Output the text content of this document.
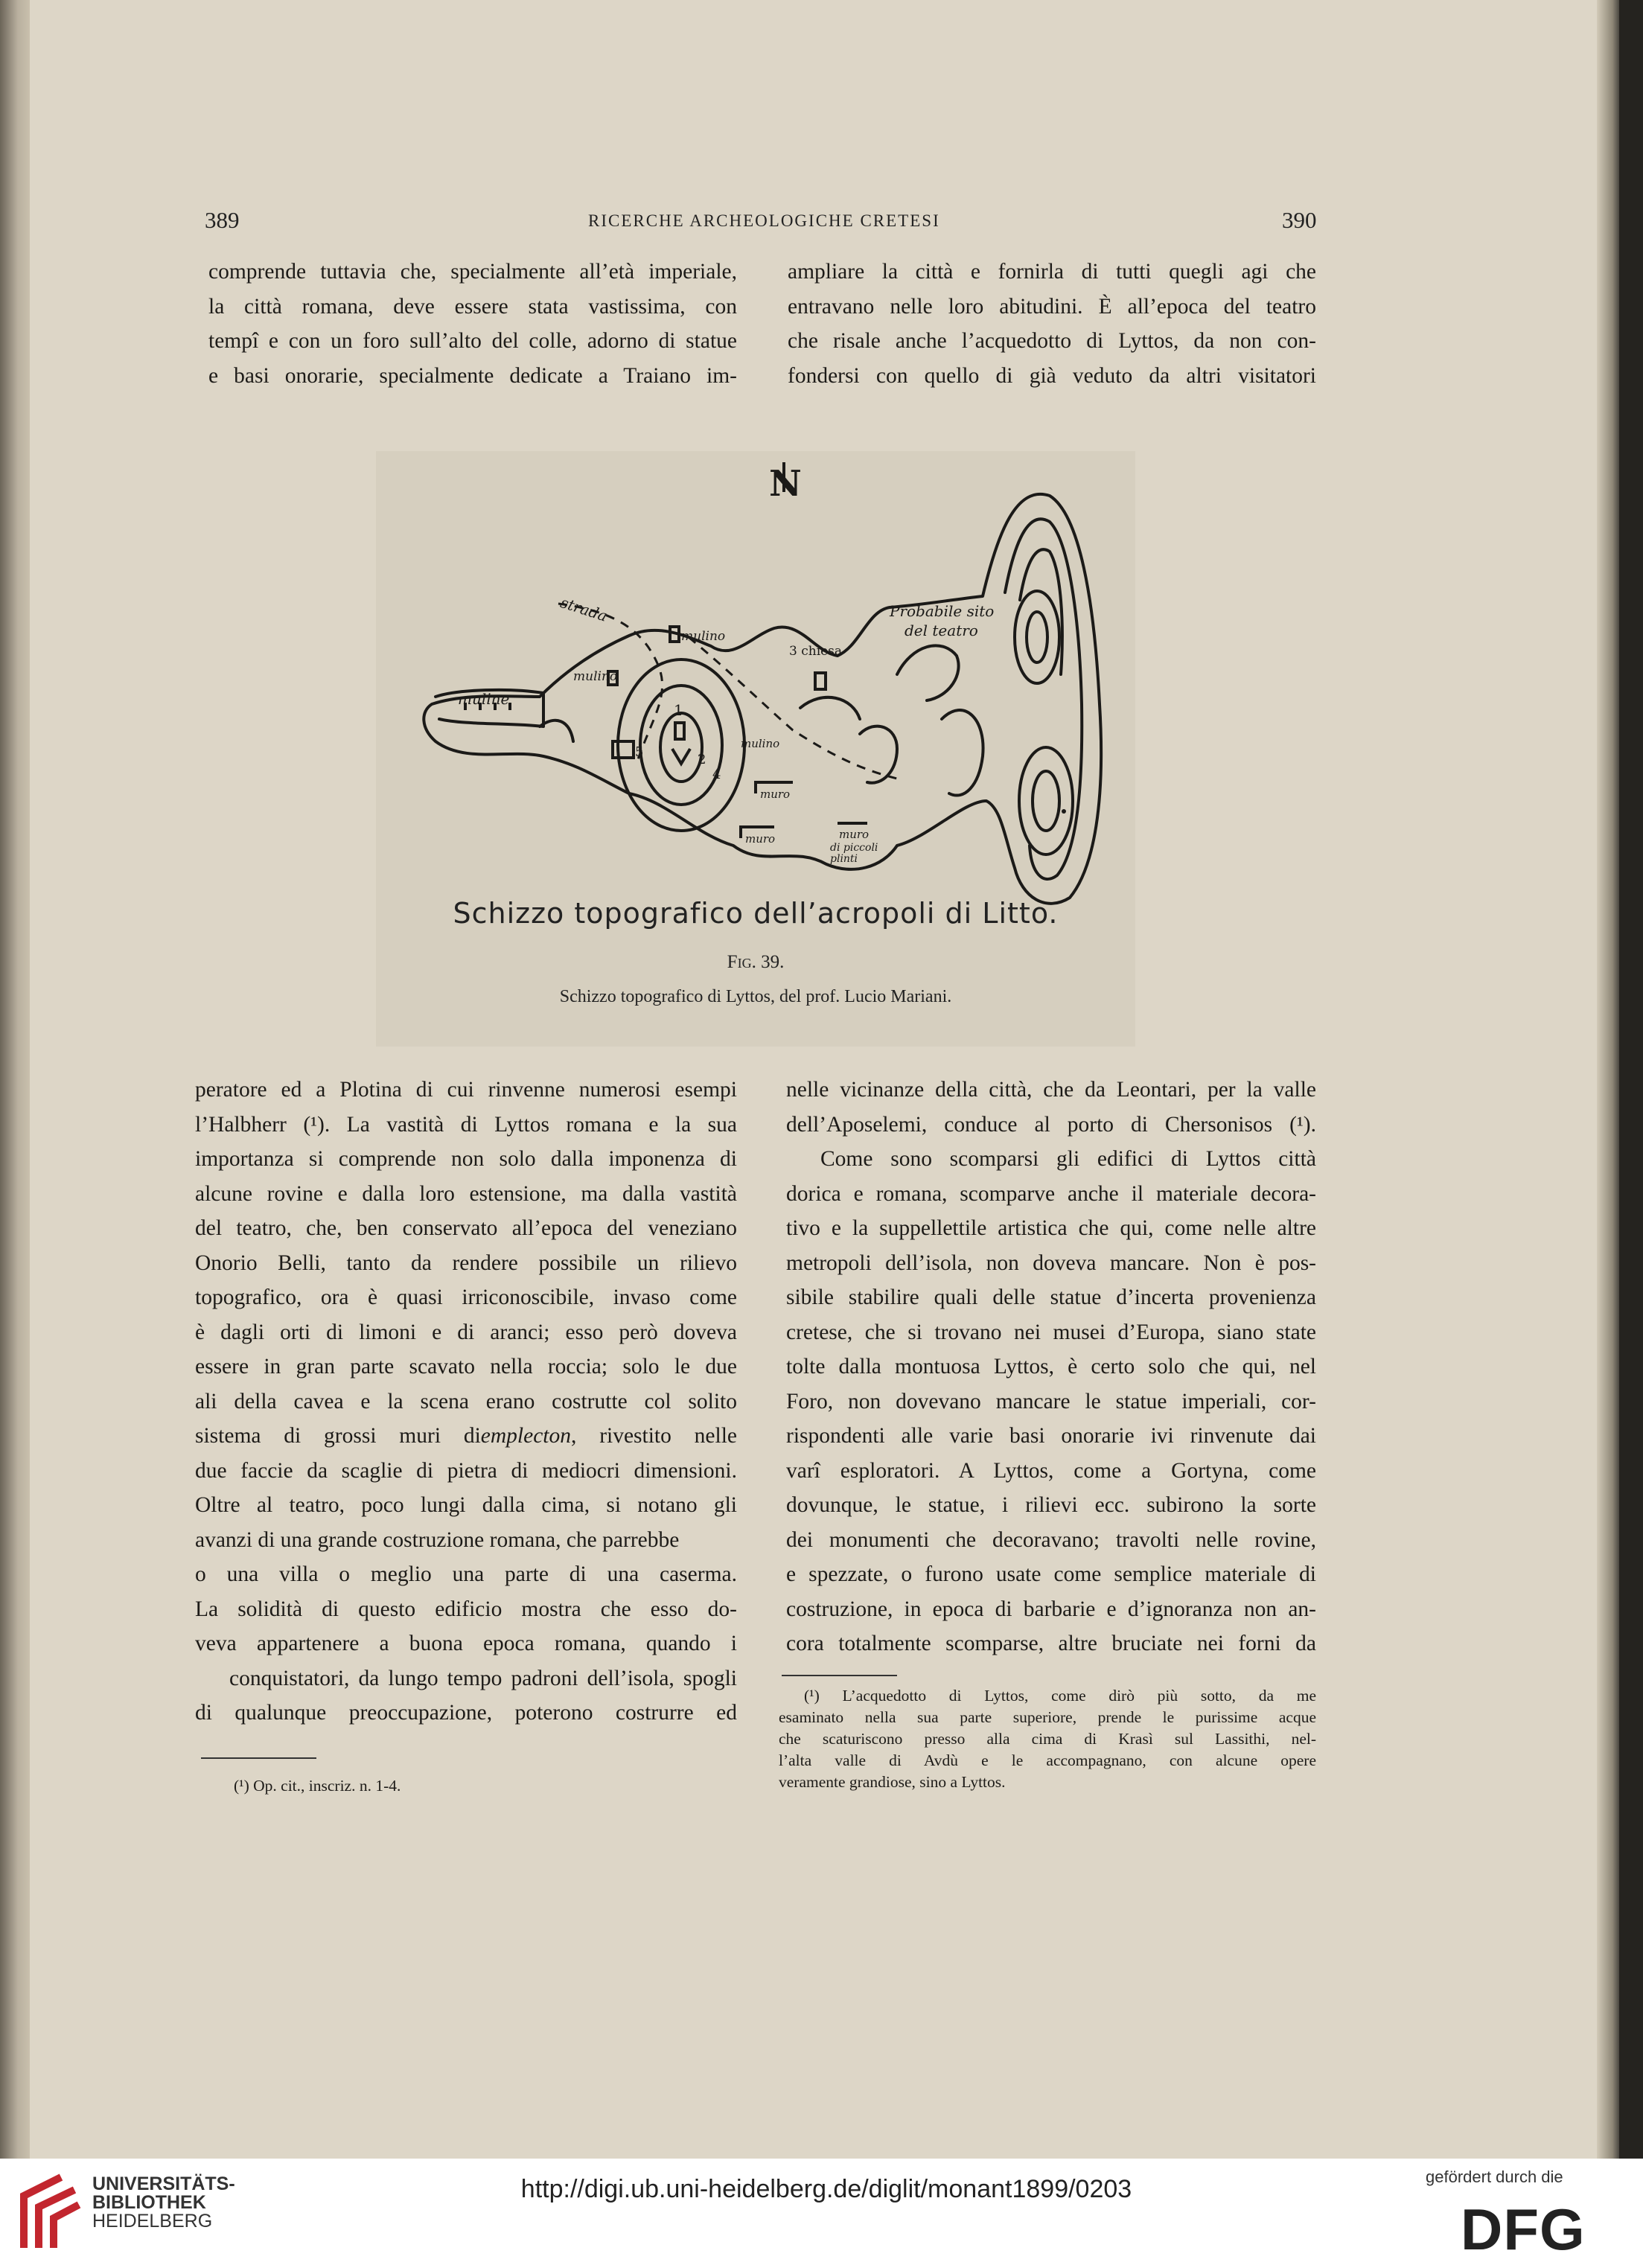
389	RICERCHE ARCHEOLOGICHE CRETESI	390

comprende tuttavia che, specialmente all’età imperiale,

la città romana, deve essere stata vastissima, con

tempî e con un foro sull’alto del colle, adorno di statue

e basi onorarie, specialmente dedicate a Traiano im-

ampliare la città e fornirla di tutti quegli agi che

entravano nelle loro abitudini. È all’epoca del teatro

che risale anche l’acquedotto di Lyttos, da non con-

fondersi con quello di già veduto da altri visitatori

N
strada
mulino
mulino
muline
3 chiesa
Probabile sito
del teatro
1
2
4
5
mulino
muro
muro	muro
di piccoli
plinti
Schizzo topografico dell’acropoli di Litto.
Fig. 39.
Schizzo topografico di Lyttos, del prof. Lucio Mariani.

peratore ed a Plotina di cui rinvenne numerosi esempi

l’Halbherr (¹). La vastità di Lyttos romana e la sua

importanza si comprende non solo dalla imponenza di

alcune rovine e dalla loro estensione, ma dalla vastità

del teatro, che, ben conservato all’epoca del veneziano

Onorio Belli, tanto da rendere possibile un rilievo

topografico, ora è quasi irriconoscibile, invaso come

è dagli orti di limoni e di aranci; esso però doveva

essere in gran parte scavato nella roccia; solo le due

ali della cavea e la scena erano costrutte col solito

sistema di grossi muri diemplecton, rivestito nelle

due faccie da scaglie di pietra di mediocri dimensioni.

Oltre al teatro, poco lungi dalla cima, si notano gli

avanzi di una grande costruzione romana, che parrebbe

o una villa o meglio una parte di una caserma.

La solidità di questo edificio mostra che esso do-

veva appartenere a buona epoca romana, quando i

conquistatori, da lungo tempo padroni dell’isola, spogli

di qualunque preoccupazione, poterono costrurre ed

nelle vicinanze della città, che da Leontari, per la valle

dell’Aposelemi, conduce al porto di Chersonisos (¹).

Come sono scomparsi gli edifici di Lyttos città

dorica e romana, scomparve anche il materiale decora-

tivo e la suppellettile artistica che qui, come nelle altre

metropoli dell’isola, non doveva mancare. Non è pos-

sibile stabilire quali delle statue d’incerta provenienza

cretese, che si trovano nei musei d’Europa, siano state

tolte dalla montuosa Lyttos, è certo solo che qui, nel

Foro, non dovevano mancare le statue imperiali, cor-

rispondenti alle varie basi onorarie ivi rinvenute dai

varî esploratori. A Lyttos, come a Gortyna, come

dovunque, le statue, i rilievi ecc. subirono la sorte

dei monumenti che decoravano; travolti nelle rovine,

e spezzate, o furono usate come semplice materiale di

costruzione, in epoca di barbarie e d’ignoranza non an-

cora totalmente scomparse, altre bruciate nei forni da

(¹) Op. cit., inscriz. n. 1-4.
(¹) L’acquedotto di Lyttos, come dirò più sotto, da me
esaminato nella sua parte superiore, prende le purissime acque
che scaturiscono presso alla cima di Krasì sul Lassithi, nel-
l’alta valle di Avdù e le accompagnano, con alcune opere
veramente grandiose, sino a Lyttos.
UNIVERSITÄTS-
BIBLIOTHEK
HEIDELBERG
http://digi.ub.uni-heidelberg.de/diglit/monant1899/0203	gefördert durch die
DFG
